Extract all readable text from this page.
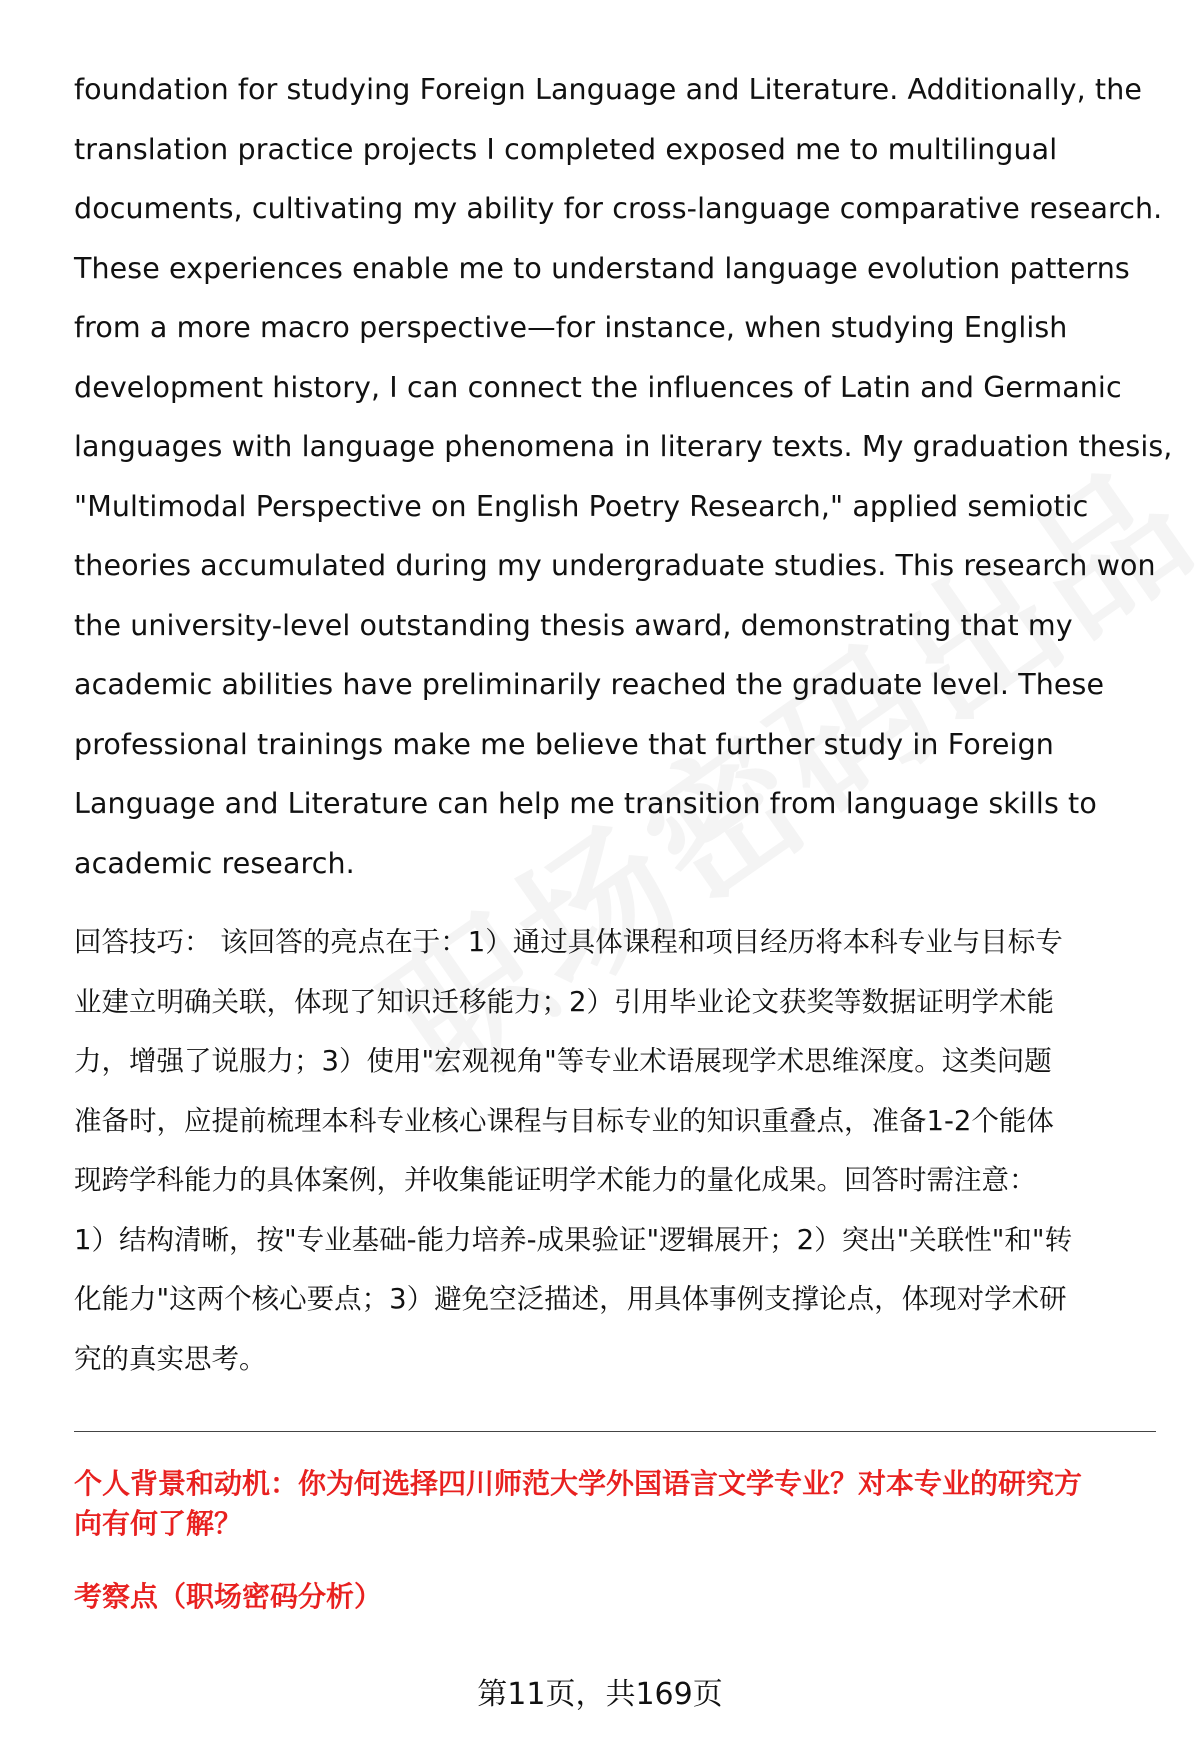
foundation for studying Foreign Language and Literature. Additionally, the
translation practice projects I completed exposed me to multilingual
documents, cultivating my ability for cross-language comparative research.
These experiences enable me to understand language evolution patterns
from a more macro perspective—for instance, when studying English
development history, I can connect the influences of Latin and Germanic
languages with language phenomena in literary texts. My graduation thesis,
"Multimodal Perspective on English Poetry Research," applied semiotic
theories accumulated during my undergraduate studies. This research won
the university-level outstanding thesis award, demonstrating that my
academic abilities have preliminarily reached the graduate level. These
professional trainings make me believe that further study in Foreign
Language and Literature can help me transition from language skills to
academic research.

回答技巧： 该回答的亮点在于：1）通过具体课程和项目经历将本科专业与目标专
业建立明确关联，体现了知识迁移能力；2）引用毕业论文获奖等数据证明学术能
力，增强了说服力；3）使用"宏观视角"等专业术语展现学术思维深度。这类问题
准备时，应提前梳理本科专业核心课程与目标专业的知识重叠点，准备1-2个能体
现跨学科能力的具体案例，并收集能证明学术能力的量化成果。回答时需注意：
1）结构清晰，按"专业基础-能力培养-成果验证"逻辑展开；2）突出"关联性"和"转
化能力"这两个核心要点；3）避免空泛描述，用具体事例支撑论点，体现对学术研
究的真实思考。

个人背景和动机：你为何选择四川师范大学外国语言文学专业？对本专业的研究方
向有何了解？
考察点（职场密码分析）
第11页，共169页
